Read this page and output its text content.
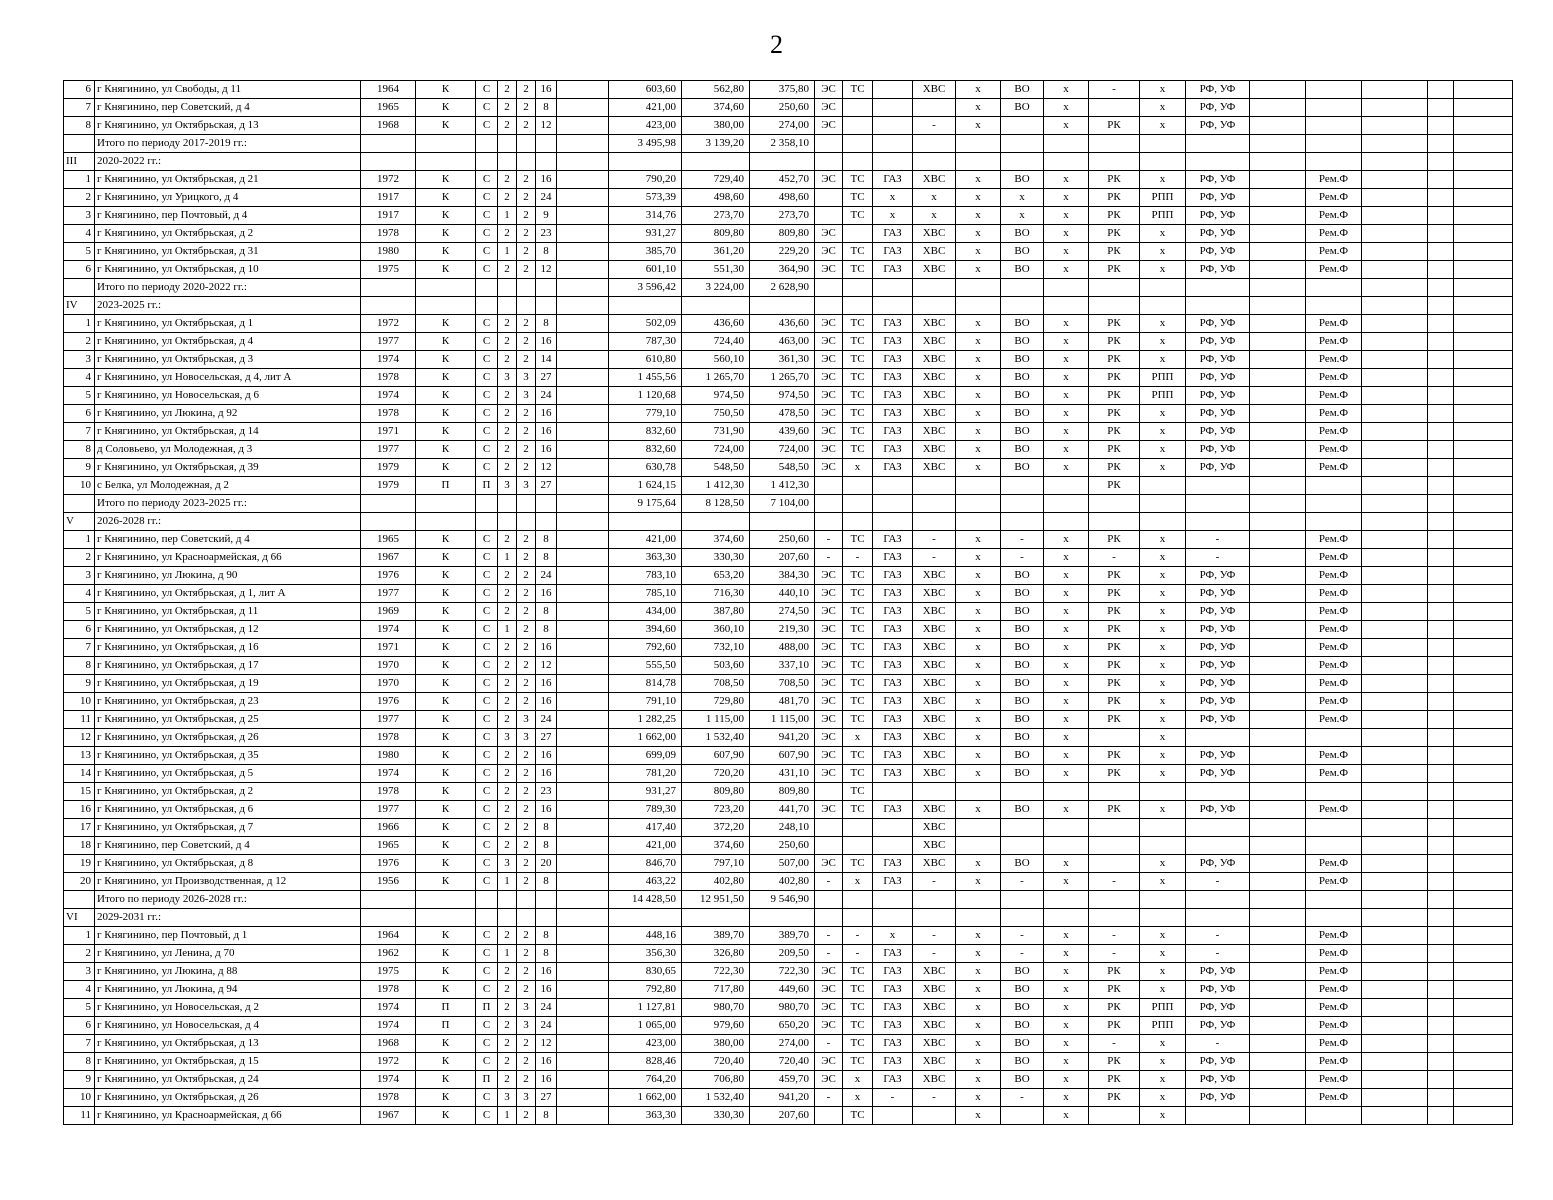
2
6	г Княгинино, ул Свободы, д 11	1964	К	С	2	2	16		603,60	562,80	375,80	ЭС	ТС		ХВС	х	ВО	х	-	х	РФ, УФ					
7	г Княгинино, пер Советский, д 4	1965	К	С	2	2	8		421,00	374,60	250,60	ЭС				х	ВО	х		х	РФ, УФ					
8	г Княгинино, ул Октябрьская, д 13	1968	К	С	2	2	12		423,00	380,00	274,00	ЭС			-	х		х	РК	х	РФ, УФ					
	Итого по периоду 2017-2019 гг.:								3 495,98	3 139,20	2 358,10															
III	2020-2022 гг.:																									
1	г Княгинино, ул Октябрьская, д 21	1972	К	С	2	2	16		790,20	729,40	452,70	ЭС	ТС	ГАЗ	ХВС	х	ВО	х	РК	х	РФ, УФ		Рем.Ф			
2	г Княгинино, ул Урицкого, д 4	1917	К	С	2	2	24		573,39	498,60	498,60		ТС	х	х	х	х	х	РК	РПП	РФ, УФ		Рем.Ф			
3	г Княгинино, пер Почтовый, д 4	1917	К	С	1	2	9		314,76	273,70	273,70		ТС	х	х	х	х	х	РК	РПП	РФ, УФ		Рем.Ф			
4	г Княгинино, ул Октябрьская, д 2	1978	К	С	2	2	23		931,27	809,80	809,80	ЭС		ГАЗ	ХВС	х	ВО	х	РК	х	РФ, УФ		Рем.Ф			
5	г Княгинино, ул Октябрьская, д 31	1980	К	С	1	2	8		385,70	361,20	229,20	ЭС	ТС	ГАЗ	ХВС	х	ВО	х	РК	х	РФ, УФ		Рем.Ф			
6	г Княгинино, ул Октябрьская, д 10	1975	К	С	2	2	12		601,10	551,30	364,90	ЭС	ТС	ГАЗ	ХВС	х	ВО	х	РК	х	РФ, УФ		Рем.Ф			
	Итого по периоду 2020-2022 гг.:								3 596,42	3 224,00	2 628,90															
IV	2023-2025 гг.:																									
1	г Княгинино, ул Октябрьская, д 1	1972	К	С	2	2	8		502,09	436,60	436,60	ЭС	ТС	ГАЗ	ХВС	х	ВО	х	РК	х	РФ, УФ		Рем.Ф			
2	г Княгинино, ул Октябрьская, д 4	1977	К	С	2	2	16		787,30	724,40	463,00	ЭС	ТС	ГАЗ	ХВС	х	ВО	х	РК	х	РФ, УФ		Рем.Ф			
3	г Княгинино, ул Октябрьская, д 3	1974	К	С	2	2	14		610,80	560,10	361,30	ЭС	ТС	ГАЗ	ХВС	х	ВО	х	РК	х	РФ, УФ		Рем.Ф			
4	г Княгинино, ул Новосельская, д 4, лит А	1978	К	С	3	3	27		1 455,56	1 265,70	1 265,70	ЭС	ТС	ГАЗ	ХВС	х	ВО	х	РК	РПП	РФ, УФ		Рем.Ф			
5	г Княгинино, ул Новосельская, д 6	1974	К	С	2	3	24		1 120,68	974,50	974,50	ЭС	ТС	ГАЗ	ХВС	х	ВО	х	РК	РПП	РФ, УФ		Рем.Ф			
6	г Княгинино, ул Люкина, д 92	1978	К	С	2	2	16		779,10	750,50	478,50	ЭС	ТС	ГАЗ	ХВС	х	ВО	х	РК	х	РФ, УФ		Рем.Ф			
7	г Княгинино, ул Октябрьская, д 14	1971	К	С	2	2	16		832,60	731,90	439,60	ЭС	ТС	ГАЗ	ХВС	х	ВО	х	РК	х	РФ, УФ		Рем.Ф			
8	д Соловьево, ул Молодежная, д 3	1977	К	С	2	2	16		832,60	724,00	724,00	ЭС	ТС	ГАЗ	ХВС	х	ВО	х	РК	х	РФ, УФ		Рем.Ф			
9	г Княгинино, ул Октябрьская, д 39	1979	К	С	2	2	12		630,78	548,50	548,50	ЭС	х	ГАЗ	ХВС	х	ВО	х	РК	х	РФ, УФ		Рем.Ф			
10	с Белка, ул Молодежная, д 2	1979	П	П	3	3	27		1 624,15	1 412,30	1 412,30								РК							
	Итого по периоду 2023-2025 гг.:								9 175,64	8 128,50	7 104,00															
V	2026-2028 гг.:																									
1	г Княгинино, пер Советский, д 4	1965	К	С	2	2	8		421,00	374,60	250,60	-	ТС	ГАЗ	-	х	-	х	РК	х	-		Рем.Ф			
2	г Княгинино, ул Красноармейская, д 66	1967	К	С	1	2	8		363,30	330,30	207,60	-	-	ГАЗ	-	х	-	х	-	х	-		Рем.Ф			
3	г Княгинино, ул Люкина, д 90	1976	К	С	2	2	24		783,10	653,20	384,30	ЭС	ТС	ГАЗ	ХВС	х	ВО	х	РК	х	РФ, УФ		Рем.Ф			
4	г Княгинино, ул Октябрьская, д 1, лит А	1977	К	С	2	2	16		785,10	716,30	440,10	ЭС	ТС	ГАЗ	ХВС	х	ВО	х	РК	х	РФ, УФ		Рем.Ф			
5	г Княгинино, ул Октябрьская, д 11	1969	К	С	2	2	8		434,00	387,80	274,50	ЭС	ТС	ГАЗ	ХВС	х	ВО	х	РК	х	РФ, УФ		Рем.Ф			
6	г Княгинино, ул Октябрьская, д 12	1974	К	С	1	2	8		394,60	360,10	219,30	ЭС	ТС	ГАЗ	ХВС	х	ВО	х	РК	х	РФ, УФ		Рем.Ф			
7	г Княгинино, ул Октябрьская, д 16	1971	К	С	2	2	16		792,60	732,10	488,00	ЭС	ТС	ГАЗ	ХВС	х	ВО	х	РК	х	РФ, УФ		Рем.Ф			
8	г Княгинино, ул Октябрьская, д 17	1970	К	С	2	2	12		555,50	503,60	337,10	ЭС	ТС	ГАЗ	ХВС	х	ВО	х	РК	х	РФ, УФ		Рем.Ф			
9	г Княгинино, ул Октябрьская, д 19	1970	К	С	2	2	16		814,78	708,50	708,50	ЭС	ТС	ГАЗ	ХВС	х	ВО	х	РК	х	РФ, УФ		Рем.Ф			
10	г Княгинино, ул Октябрьская, д 23	1976	К	С	2	2	16		791,10	729,80	481,70	ЭС	ТС	ГАЗ	ХВС	х	ВО	х	РК	х	РФ, УФ		Рем.Ф			
11	г Княгинино, ул Октябрьская, д 25	1977	К	С	2	3	24		1 282,25	1 115,00	1 115,00	ЭС	ТС	ГАЗ	ХВС	х	ВО	х	РК	х	РФ, УФ		Рем.Ф			
12	г Княгинино, ул Октябрьская, д 26	1978	К	С	3	3	27		1 662,00	1 532,40	941,20	ЭС	х	ГАЗ	ХВС	х	ВО	х		х						
13	г Княгинино, ул Октябрьская, д 35	1980	К	С	2	2	16		699,09	607,90	607,90	ЭС	ТС	ГАЗ	ХВС	х	ВО	х	РК	х	РФ, УФ		Рем.Ф			
14	г Княгинино, ул Октябрьская, д 5	1974	К	С	2	2	16		781,20	720,20	431,10	ЭС	ТС	ГАЗ	ХВС	х	ВО	х	РК	х	РФ, УФ		Рем.Ф			
15	г Княгинино, ул Октябрьская, д 2	1978	К	С	2	2	23		931,27	809,80	809,80		ТС													
16	г Княгинино, ул Октябрьская, д 6	1977	К	С	2	2	16		789,30	723,20	441,70	ЭС	ТС	ГАЗ	ХВС	х	ВО	х	РК	х	РФ, УФ		Рем.Ф			
17	г Княгинино, ул Октябрьская, д 7	1966	К	С	2	2	8		417,40	372,20	248,10				ХВС											
18	г Княгинино, пер Советский, д 4	1965	К	С	2	2	8		421,00	374,60	250,60				ХВС											
19	г Княгинино, ул Октябрьская, д 8	1976	К	С	3	2	20		846,70	797,10	507,00	ЭС	ТС	ГАЗ	ХВС	х	ВО	х		х	РФ, УФ		Рем.Ф			
20	г Княгинино, ул Производственная, д 12	1956	К	С	1	2	8		463,22	402,80	402,80	-	х	ГАЗ	-	х	-	х	-	х	-		Рем.Ф			
	Итого по периоду 2026-2028 гг.:								14 428,50	12 951,50	9 546,90															
VI	2029-2031 гг.:																									
1	г Княгинино, пер Почтовый, д 1	1964	К	С	2	2	8		448,16	389,70	389,70	-	-	х	-	х	-	х	-	х	-		Рем.Ф			
2	г Княгинино, ул Ленина, д 70	1962	К	С	1	2	8		356,30	326,80	209,50	-	-	ГАЗ	-	х	-	х	-	х	-		Рем.Ф			
3	г Княгинино, ул Люкина, д 88	1975	К	С	2	2	16		830,65	722,30	722,30	ЭС	ТС	ГАЗ	ХВС	х	ВО	х	РК	х	РФ, УФ		Рем.Ф			
4	г Княгинино, ул Люкина, д 94	1978	К	С	2	2	16		792,80	717,80	449,60	ЭС	ТС	ГАЗ	ХВС	х	ВО	х	РК	х	РФ, УФ		Рем.Ф			
5	г Княгинино, ул Новосельская, д 2	1974	П	П	2	3	24		1 127,81	980,70	980,70	ЭС	ТС	ГАЗ	ХВС	х	ВО	х	РК	РПП	РФ, УФ		Рем.Ф			
6	г Княгинино, ул Новосельская, д 4	1974	П	С	2	3	24		1 065,00	979,60	650,20	ЭС	ТС	ГАЗ	ХВС	х	ВО	х	РК	РПП	РФ, УФ		Рем.Ф			
7	г Княгинино, ул Октябрьская, д 13	1968	К	С	2	2	12		423,00	380,00	274,00	-	ТС	ГАЗ	ХВС	х	ВО	х	-	х	-		Рем.Ф			
8	г Княгинино, ул Октябрьская, д 15	1972	К	С	2	2	16		828,46	720,40	720,40	ЭС	ТС	ГАЗ	ХВС	х	ВО	х	РК	х	РФ, УФ		Рем.Ф			
9	г Княгинино, ул Октябрьская, д 24	1974	К	П	2	2	16		764,20	706,80	459,70	ЭС	х	ГАЗ	ХВС	х	ВО	х	РК	х	РФ, УФ		Рем.Ф			
10	г Княгинино, ул Октябрьская, д 26	1978	К	С	3	3	27		1 662,00	1 532,40	941,20	-	х	-	-	х	-	х	РК	х	РФ, УФ		Рем.Ф			
11	г Княгинино, ул Красноармейская, д 66	1967	К	С	1	2	8		363,30	330,30	207,60		ТС			х		х		х						
